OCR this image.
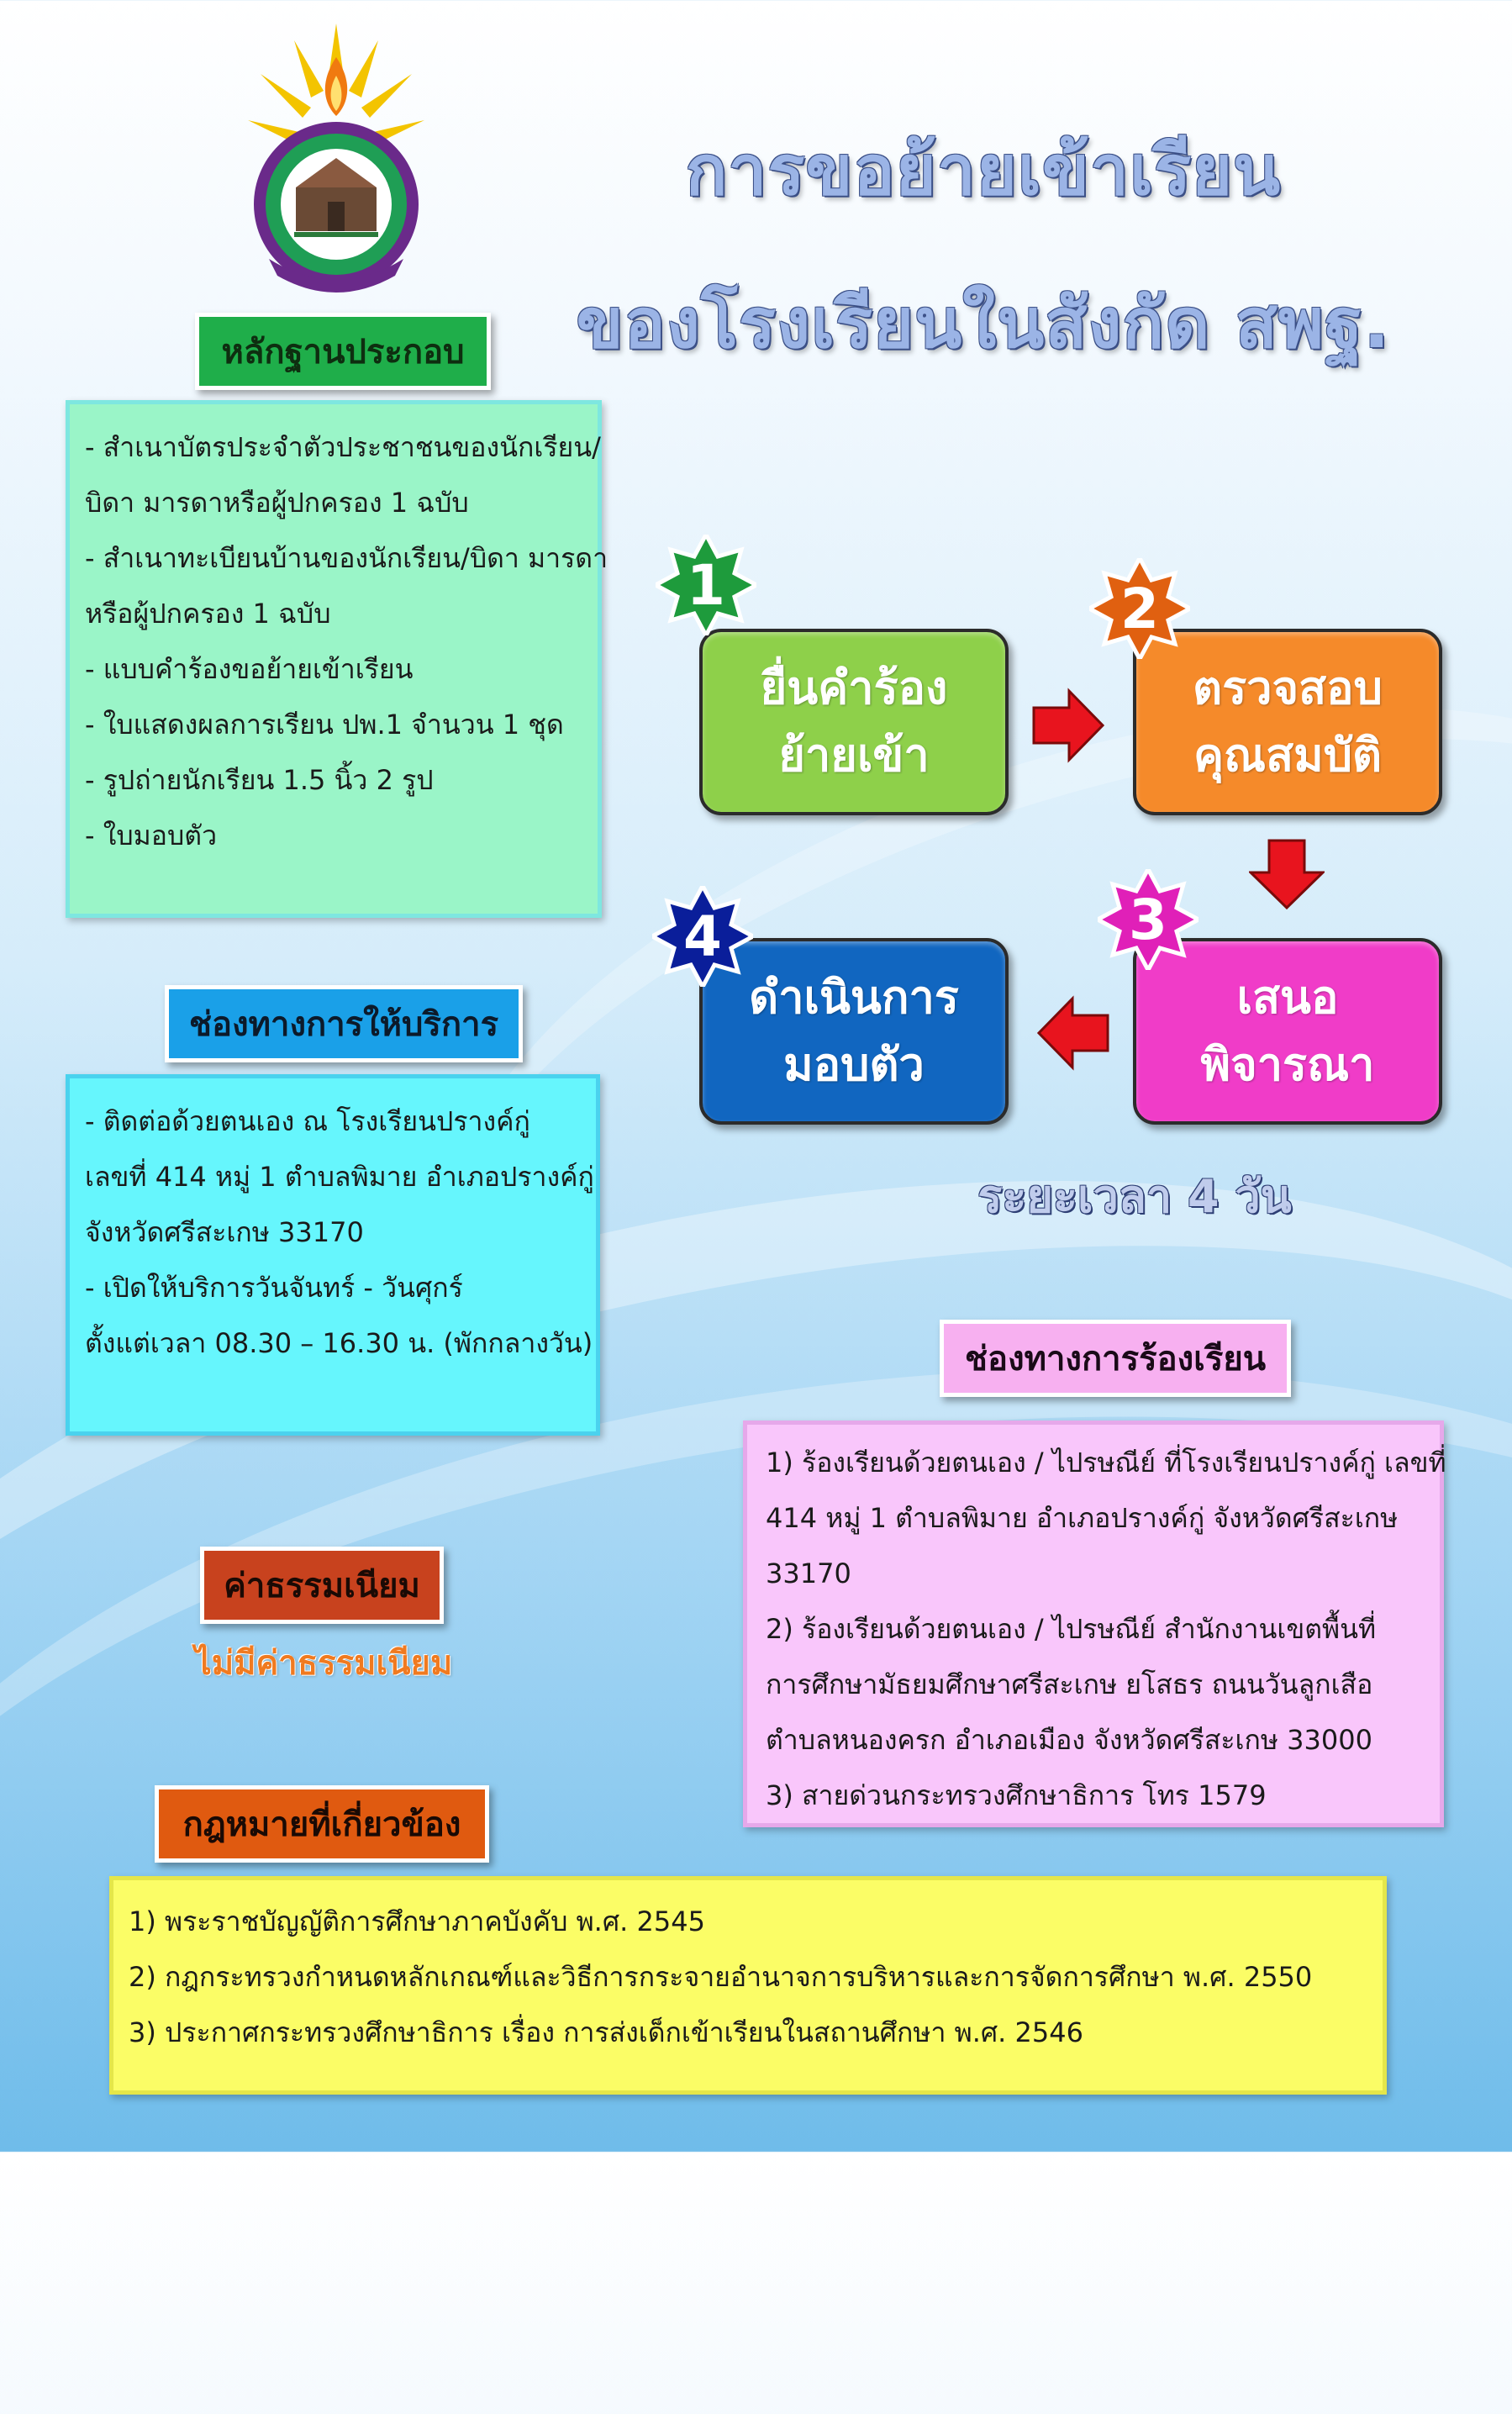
การขอย้ายเข้าเรียน
ของโรงเรียนในสังกัด สพฐ.
หลักฐานประกอบ
- สำเนาบัตรประจำตัวประชาชนของนักเรียน/
บิดา มารดาหรือผู้ปกครอง 1 ฉบับ
- สำเนาทะเบียนบ้านของนักเรียน/บิดา มารดา
หรือผู้ปกครอง 1 ฉบับ
- แบบคำร้องขอย้ายเข้าเรียน
- ใบแสดงผลการเรียน ปพ.1 จำนวน 1 ชุด
- รูปถ่ายนักเรียน 1.5 นิ้ว 2 รูป
- ใบมอบตัว
ช่องทางการให้บริการ
- ติดต่อด้วยตนเอง ณ โรงเรียนปรางค์กู่
เลขที่ 414 หมู่ 1 ตำบลพิมาย อำเภอปรางค์กู่
จังหวัดศรีสะเกษ 33170
- เปิดให้บริการวันจันทร์ - วันศุกร์
ตั้งแต่เวลา 08.30 – 16.30 น. (พักกลางวัน)
ค่าธรรมเนียม
ไม่มีค่าธรรมเนียม
กฎหมายที่เกี่ยวข้อง
1) พระราชบัญญัติการศึกษาภาคบังคับ พ.ศ. 2545
2) กฎกระทรวงกำหนดหลักเกณฑ์และวิธีการกระจายอำนาจการบริหารและการจัดการศึกษา พ.ศ. 2550
3) ประกาศกระทรวงศึกษาธิการ เรื่อง การส่งเด็กเข้าเรียนในสถานศึกษา พ.ศ. 2546
ยื่นคำร้อง
ย้ายเข้า
ตรวจสอบ
คุณสมบัติ
เสนอ
พิจารณา
ดำเนินการ
มอบตัว
1	2
3
4
ระยะเวลา 4 วัน
ช่องทางการร้องเรียน
1) ร้องเรียนด้วยตนเอง / ไปรษณีย์ ที่โรงเรียนปรางค์กู่ เลขที่
414 หมู่ 1 ตำบลพิมาย อำเภอปรางค์กู่ จังหวัดศรีสะเกษ
33170
2) ร้องเรียนด้วยตนเอง / ไปรษณีย์ สำนักงานเขตพื้นที่
การศึกษามัธยมศึกษาศรีสะเกษ ยโสธร ถนนวันลูกเสือ
ตำบลหนองครก อำเภอเมือง จังหวัดศรีสะเกษ 33000
3) สายด่วนกระทรวงศึกษาธิการ โทร 1579
